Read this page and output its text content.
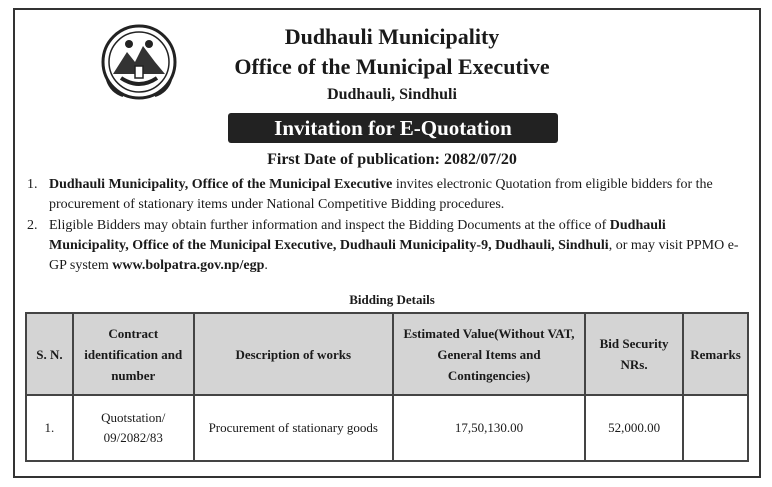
Dudhauli Municipality
Office of the Municipal Executive
Dudhauli, Sindhuli
Invitation for E-Quotation
First Date of publication: 2082/07/20
1. Dudhauli Municipality, Office of the Municipal Executive invites electronic Quotation from eligible bidders for the procurement of stationary items under National Competitive Bidding procedures.
2. Eligible Bidders may obtain further information and inspect the Bidding Documents at the office of Dudhauli Municipality, Office of the Municipal Executive, Dudhauli Municipality-9, Dudhauli, Sindhuli, or may visit PPMO e-GP system www.bolpatra.gov.np/egp.
Bidding Details
S. N.	Contract identification and number	Description of works	Estimated Value(Without VAT, General Items and Contingencies)	Bid Security NRs.	Remarks
1.	Quotstation/ 09/2082/83	Procurement of stationary goods	17,50,130.00	52,000.00	
